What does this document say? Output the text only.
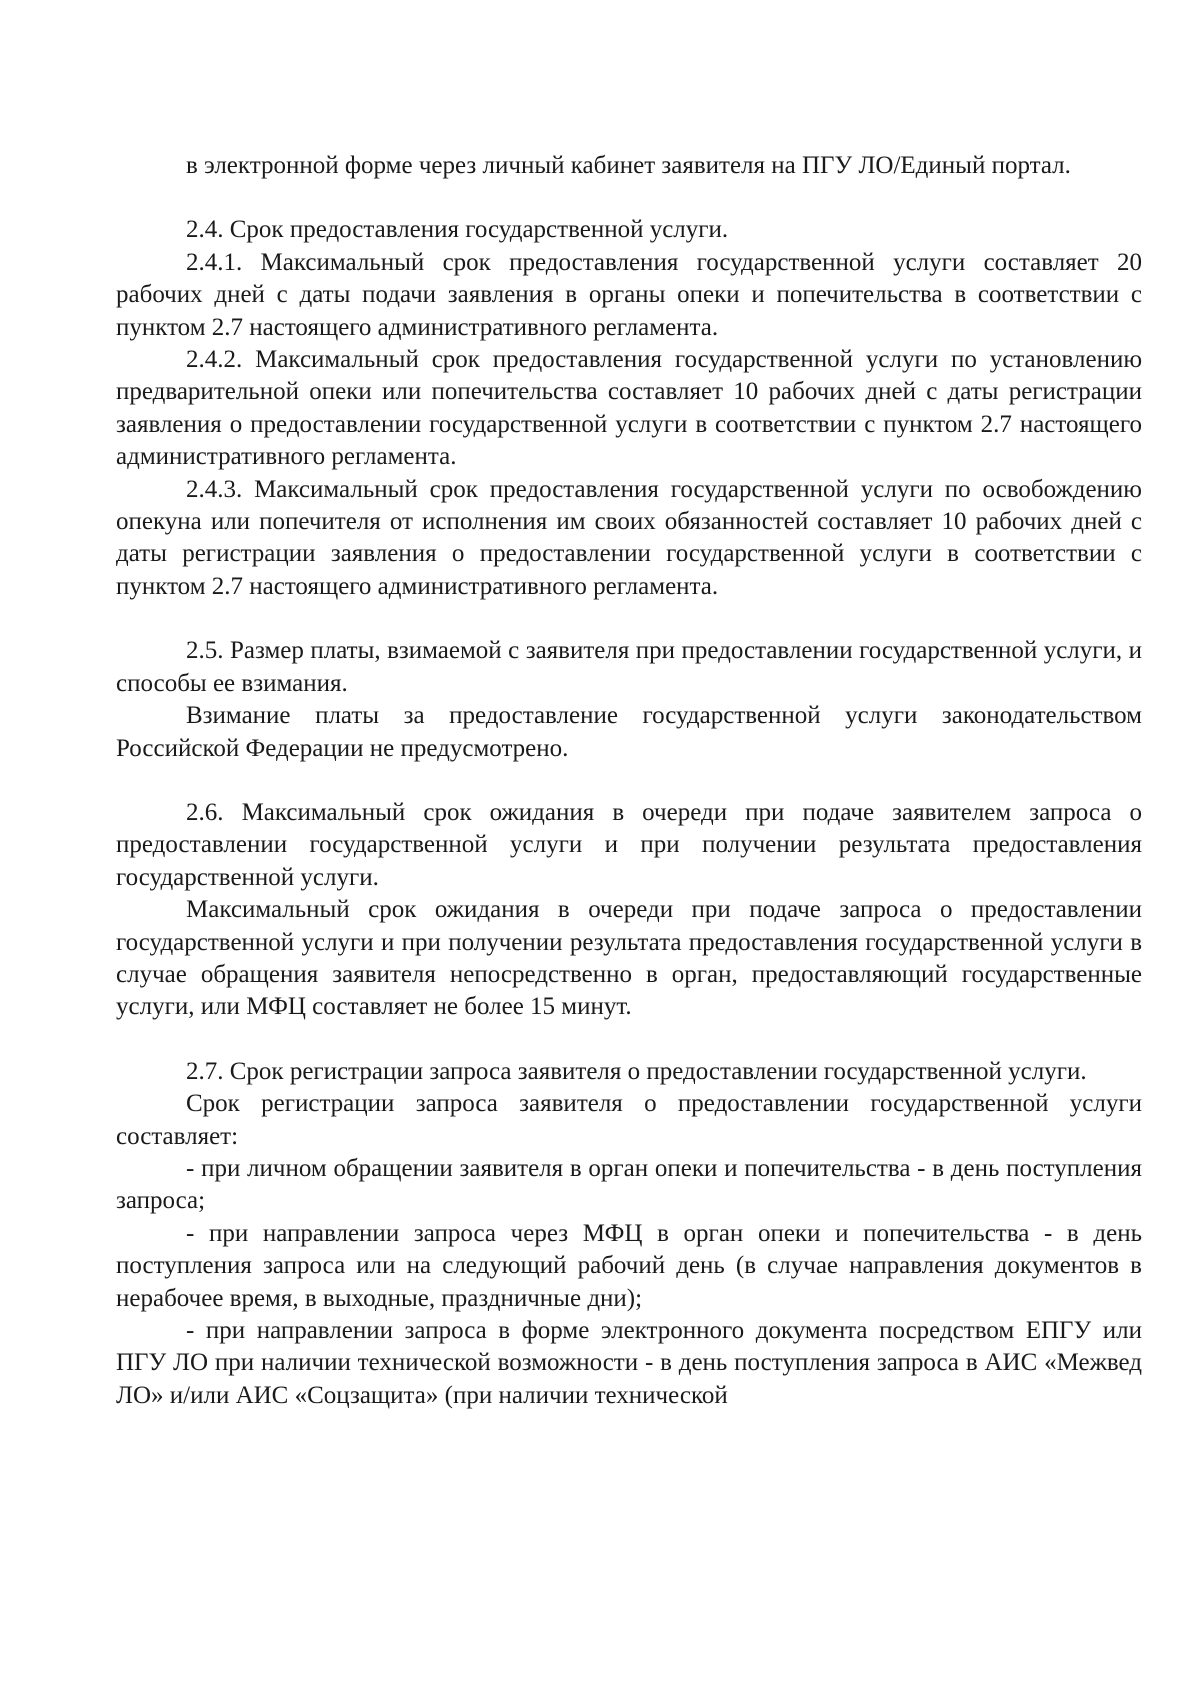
в электронной форме через личный кабинет заявителя на ПГУ ЛО/Единый портал.

2.4. Срок предоставления государственной услуги.

2.4.1. Максимальный срок предоставления государственной услуги составляет 20 рабочих дней с даты подачи заявления в органы опеки и попечительства в соответствии с пунктом 2.7 настоящего административного регламента.

2.4.2. Максимальный срок предоставления государственной услуги по установлению предварительной опеки или попечительства составляет 10 рабочих дней с даты регистрации заявления о предоставлении государственной услуги в соответствии с пунктом 2.7 настоящего административного регламента.

2.4.3. Максимальный срок предоставления государственной услуги по освобождению опекуна или попечителя от исполнения им своих обязанностей составляет 10 рабочих дней с даты регистрации заявления о предоставлении государственной услуги в соответствии с пунктом 2.7 настоящего административного регламента.

2.5. Размер платы, взимаемой с заявителя при предоставлении государственной услуги, и способы ее взимания.

Взимание платы за предоставление государственной услуги законодательством Российской Федерации не предусмотрено.

2.6. Максимальный срок ожидания в очереди при подаче заявителем запроса о предоставлении государственной услуги и при получении результата предоставления государственной услуги.

Максимальный срок ожидания в очереди при подаче запроса о предоставлении государственной услуги и при получении результата предоставления государственной услуги в случае обращения заявителя непосредственно в орган, предоставляющий государственные услуги, или МФЦ составляет не более 15 минут.

2.7. Срок регистрации запроса заявителя о предоставлении государственной услуги.

Срок регистрации запроса заявителя о предоставлении государственной услуги составляет:

- при личном обращении заявителя в орган опеки и попечительства - в день поступления запроса;

- при направлении запроса через МФЦ в орган опеки и попечительства - в день поступления запроса или на следующий рабочий день (в случае направления документов в нерабочее время, в выходные, праздничные дни);

- при направлении запроса в форме электронного документа посредством ЕПГУ или ПГУ ЛО при наличии технической возможности - в день поступления запроса в АИС «Межвед ЛО» и/или АИС «Соцзащита» (при наличии технической
